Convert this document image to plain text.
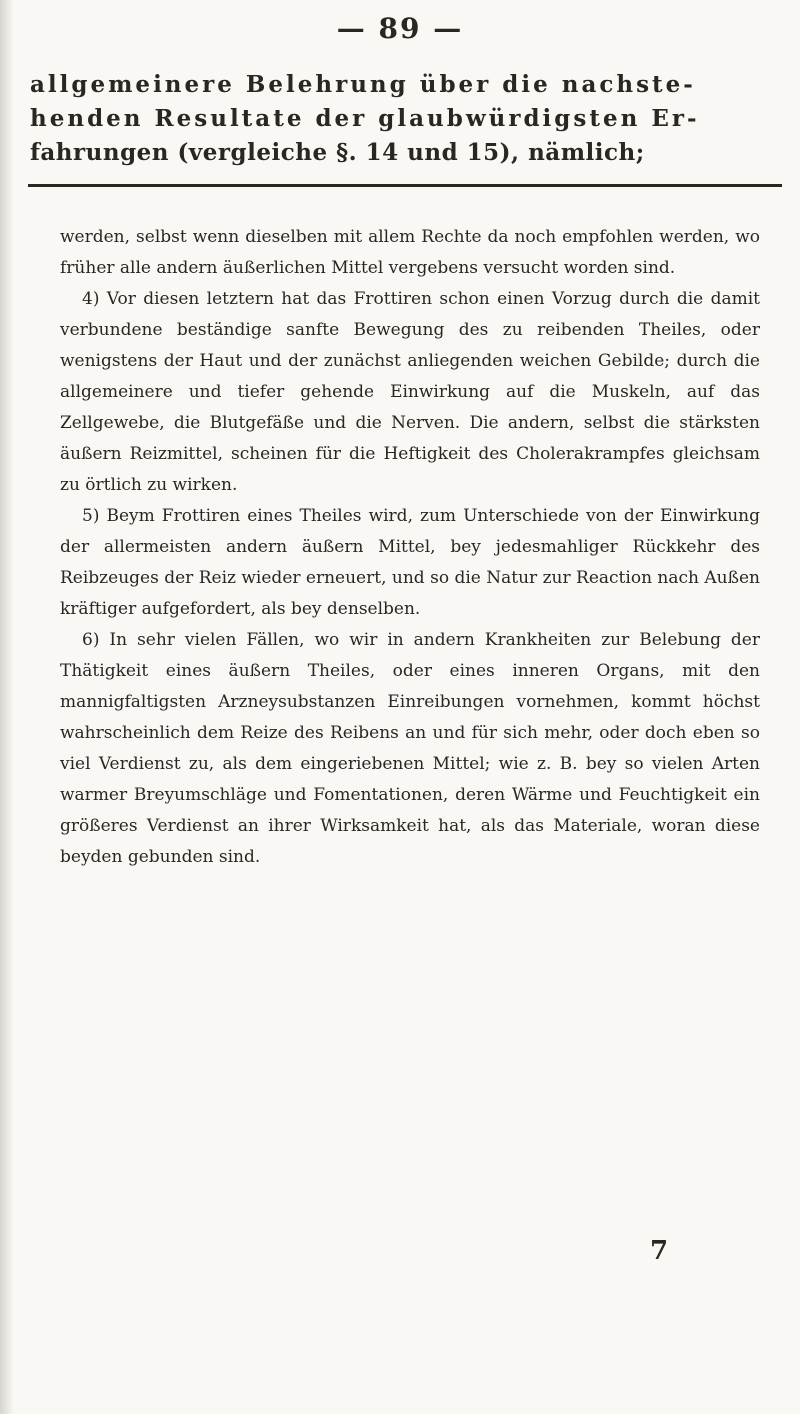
— 89 —

allgemeinere Belehrung über die nachste-

henden Resultate der glaubwürdigsten Er-

fahrungen (vergleiche §. 14 und 15), nämlich;

werden, selbst wenn dieselben mit allem Rechte da noch empfohlen werden, wo früher alle andern äußerlichen Mittel vergebens versucht worden sind.

4) Vor diesen letztern hat das Frottiren schon einen Vorzug durch die damit verbundene beständige sanfte Bewegung des zu reibenden Theiles, oder wenigstens der Haut und der zunächst anliegenden weichen Gebilde; durch die allgemeinere und tiefer gehende Einwirkung auf die Muskeln, auf das Zellgewebe, die Blutgefäße und die Nerven. Die andern, selbst die stärksten äußern Reizmittel, scheinen für die Heftigkeit des Cholerakrampfes gleichsam zu örtlich zu wirken.

5) Beym Frottiren eines Theiles wird, zum Unterschiede von der Einwirkung der allermeisten andern äußern Mittel, bey jedesmahliger Rückkehr des Reibzeuges der Reiz wieder erneuert, und so die Natur zur Reaction nach Außen kräftiger aufgefordert, als bey denselben.

6) In sehr vielen Fällen, wo wir in andern Krankheiten zur Belebung der Thätigkeit eines äußern Theiles, oder eines inneren Organs, mit den mannigfaltigsten Arzneysubstanzen Einreibungen vornehmen, kommt höchst wahrscheinlich dem Reize des Reibens an und für sich mehr, oder doch eben so viel Verdienst zu, als dem eingeriebenen Mittel; wie z. B. bey so vielen Arten warmer Breyumschläge und Fomentationen, deren Wärme und Feuchtigkeit ein größeres Verdienst an ihrer Wirksamkeit hat, als das Materiale, woran diese beyden gebunden sind.

7
